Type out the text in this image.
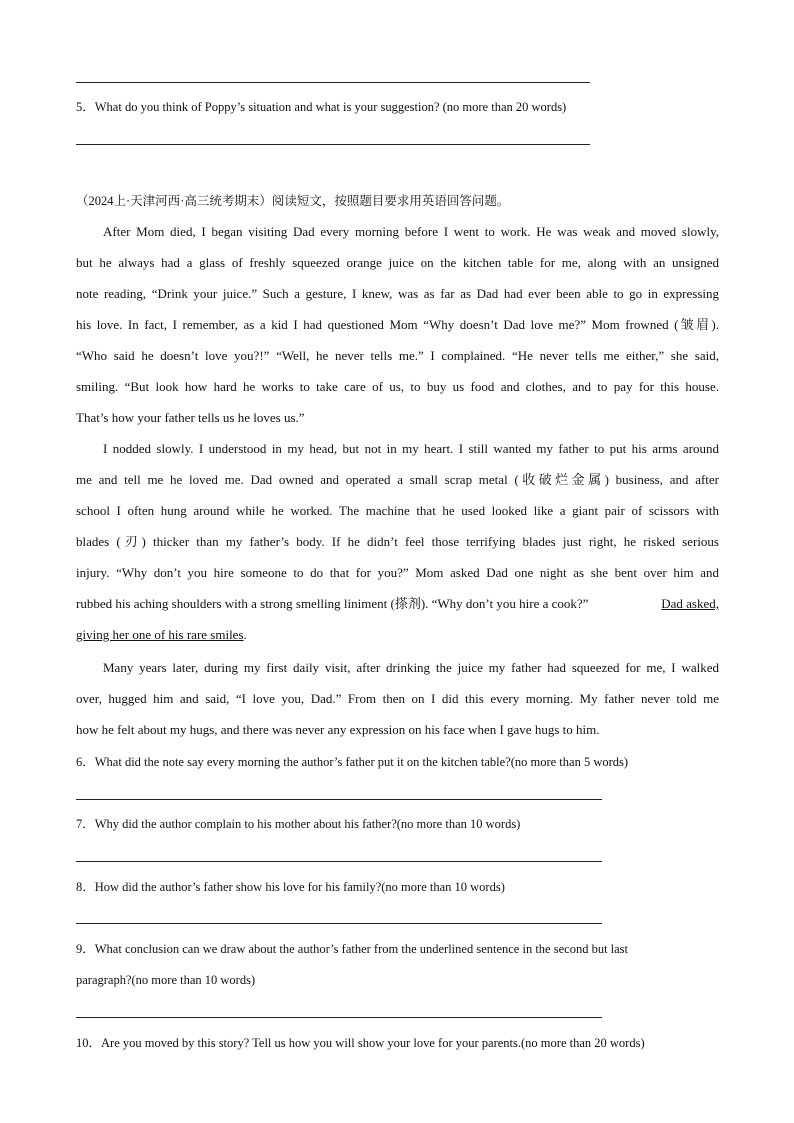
5．What do you think of Poppy’s situation and what is your suggestion? (no more than 20 words)
（2024上·天津河西·高三统考期末）阅读短文，按照题目要求用英语回答问题。
After Mom died, I began visiting Dad every morning before I went to work. He was weak and moved slowly,
but he always had a glass of freshly squeezed orange juice on the kitchen table for me, along with an unsigned
note reading, “Drink your juice.” Such a gesture, I knew, was as far as Dad had ever been able to go in expressing
his love. In fact, I remember, as a kid I had questioned Mom “Why doesn’t Dad love me?” Mom frowned (皱眉).
“Who said he doesn’t love you?!” “Well, he never tells me.” I complained. “He never tells me either,” she said,
smiling. “But look how hard he works to take care of us, to buy us food and clothes, and to pay for this house.
That’s how your father tells us he loves us.”
I nodded slowly. I understood in my head, but not in my heart. I still wanted my father to put his arms around
me and tell me he loved me. Dad owned and operated a small scrap metal (收破烂金属) business, and after
school I often hung around while he worked. The machine that he used looked like a giant pair of scissors with
blades (刃) thicker than my father’s body. If he didn’t feel those terrifying blades just right, he risked serious
injury. “Why don’t you hire someone to do that for you?” Mom asked Dad one night as she bent over him and
rubbed his aching shoulders with a strong smelling liniment (搽剂). “Why don’t you hire a cook?”	Dad asked,
giving her one of his rare smiles.
Many years later, during my first daily visit, after drinking the juice my father had squeezed for me, I walked
over, hugged him and said, “I love you, Dad.” From then on I did this every morning. My father never told me
how he felt about my hugs, and there was never any expression on his face when I gave hugs to him.
6．What did the note say every morning the author’s father put it on the kitchen table?(no more than 5 words)
7．Why did the author complain to his mother about his father?(no more than 10 words)
8．How did the author’s father show his love for his family?(no more than 10 words)
9．What conclusion can we draw about the author’s father from the underlined sentence in the second but last
paragraph?(no more than 10 words)
10．Are you moved by this story? Tell us how you will show your love for your parents.(no more than 20 words)
